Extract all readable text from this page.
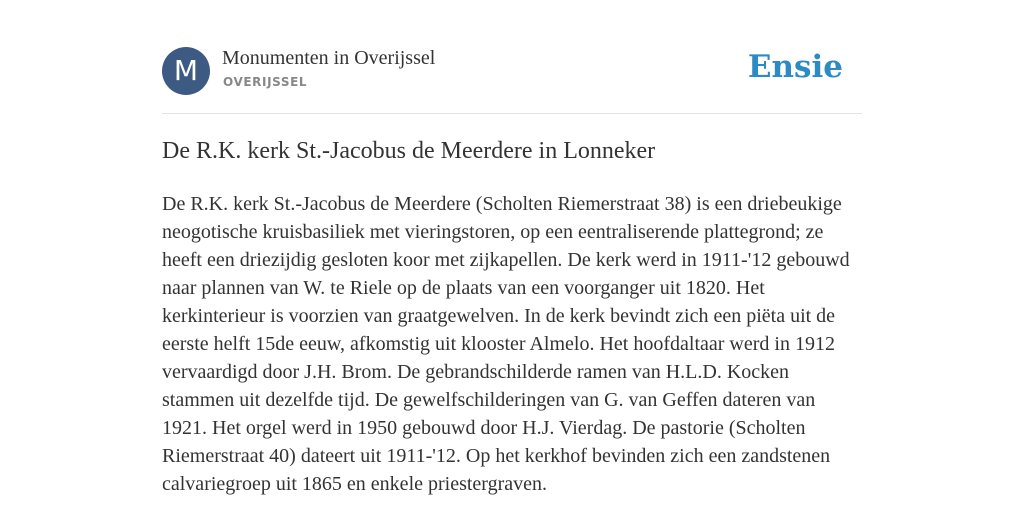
M	Monumenten in Overijssel
OVERIJSSEL	Ensie
De R.K. kerk St.-Jacobus de Meerdere in Lonneker

De R.K. kerk St.-Jacobus de Meerdere (Scholten Riemerstraat 38) is een driebeukige neogotische kruisbasiliek met vieringstoren, op een eentraliserende plattegrond; ze heeft een driezijdig gesloten koor met zijkapellen. De kerk werd in 1911-'12 gebouwd naar plannen van W. te Riele op de plaats van een voorganger uit 1820. Het kerkinterieur is voorzien van graatgewelven. In de kerk bevindt zich een piëta uit de eerste helft 15de eeuw, afkomstig uit klooster Almelo. Het hoofdaltaar werd in 1912 vervaardigd door J.H. Brom. De gebrandschilderde ramen van H.L.D. Kocken stammen uit dezelfde tijd. De gewelfschilderingen van G. van Geffen dateren van 1921. Het orgel werd in 1950 gebouwd door H.J. Vierdag. De pastorie (Scholten Riemerstraat 40) dateert uit 1911-'12. Op het kerkhof bevinden zich een zandstenen calvariegroep uit 1865 en enkele priestergraven.
